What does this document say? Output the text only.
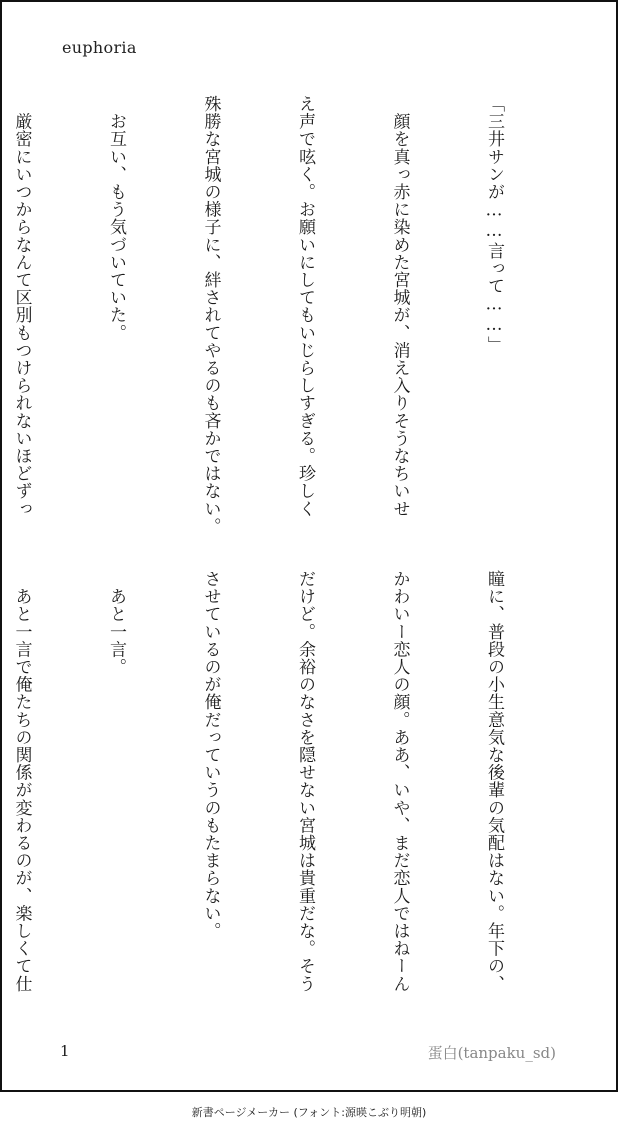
euphoria

「三井サンが……言って……」

　顔を真っ赤に染めた宮城が、消え入りそうなちいせ

え声で呟く。お願いにしてもいじらしすぎる。珍しく

殊勝な宮城の様子に、絆されてやるのも吝かではない。

　お互い、もう気づいていた。

　厳密にいつからなんて区別もつけられないほどずっ

瞳に、普段の小生意気な後輩の気配はない。年下の、

かわいー恋人の顔。ああ、いや、まだ恋人ではねーん

だけど。余裕のなさを隠せない宮城は貴重だな。そう

させているのが俺だっていうのもたまらない。

　あと一言。

　あと一言で俺たちの関係が変わるのが、楽しくて仕

1	蛋白(tanpaku_sd)
新書ページメーカー (フォント:源暎こぶり明朝)
